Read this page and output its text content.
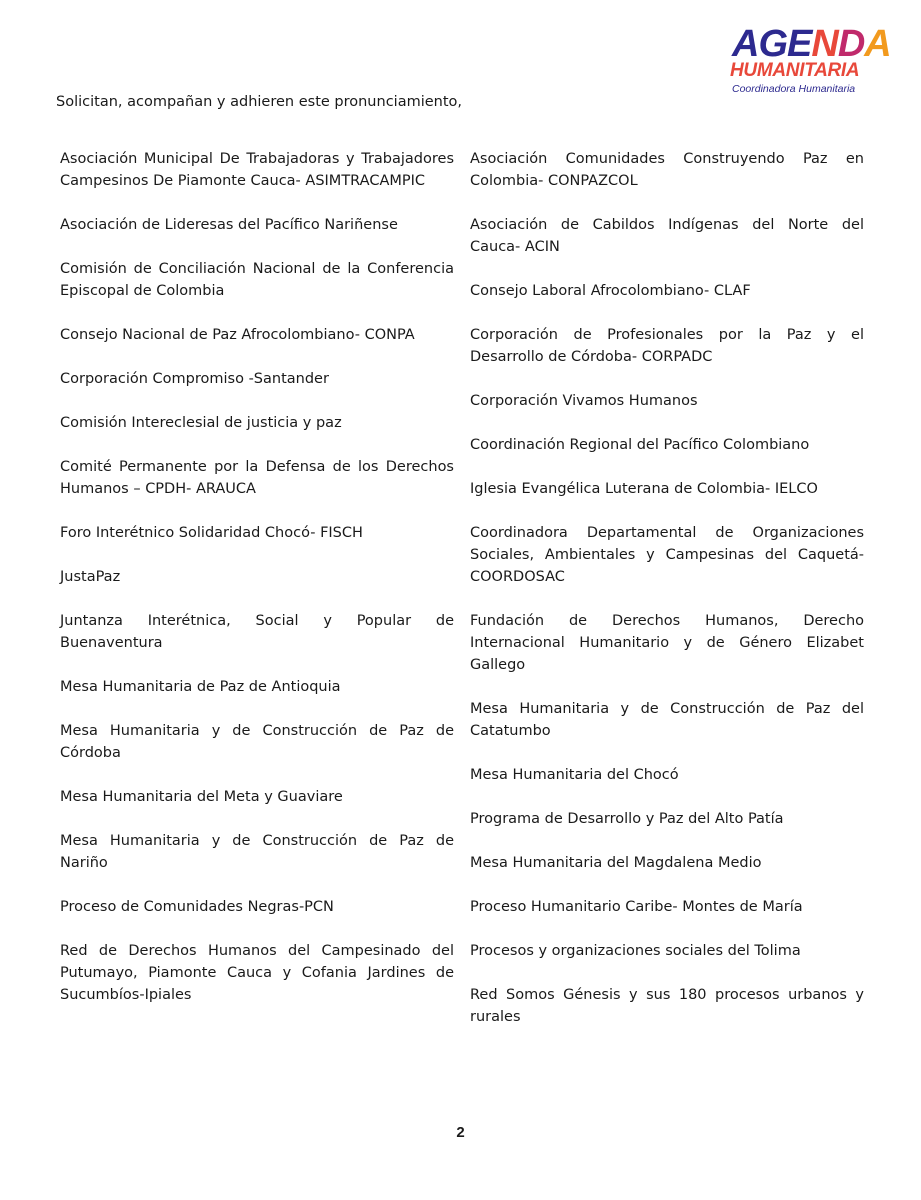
AGENDA
HUMANITARIA
Coordinadora Humanitaria
Solicitan, acompañan y adhieren este pronunciamiento,

Asociación Municipal De Trabajadoras y Trabajadores Campesinos De Piamonte Cauca- ASIMTRACAMPIC

Asociación de Lideresas del Pacífico Nariñense

Comisión de Conciliación Nacional de la Conferencia Episcopal de Colombia

Consejo Nacional de Paz Afrocolombiano- CONPA

Corporación Compromiso -Santander

Comisión Intereclesial de justicia y paz

Comité Permanente por la Defensa de los Derechos Humanos – CPDH- ARAUCA

Foro Interétnico Solidaridad Chocó- FISCH

JustaPaz

Juntanza Interétnica, Social y Popular de Buenaventura

Mesa Humanitaria de Paz de Antioquia

Mesa Humanitaria y de Construcción de Paz de Córdoba

Mesa Humanitaria del Meta y Guaviare

Mesa Humanitaria y de Construcción de Paz de Nariño

Proceso de Comunidades Negras-PCN

Red de Derechos Humanos del Campesinado del Putumayo, Piamonte Cauca y Cofania Jardines de Sucumbíos-Ipiales

Asociación Comunidades Construyendo Paz en Colombia- CONPAZCOL

Asociación de Cabildos Indígenas del Norte del Cauca- ACIN

Consejo Laboral Afrocolombiano- CLAF

Corporación de Profesionales por la Paz y el Desarrollo de Córdoba- CORPADC

Corporación Vivamos Humanos

Coordinación Regional del Pacífico Colombiano

Iglesia Evangélica Luterana de Colombia- IELCO

Coordinadora Departamental de Organizaciones Sociales, Ambientales y Campesinas del Caquetá- COORDOSAC

Fundación de Derechos Humanos, Derecho Internacional Humanitario y de Género Elizabet Gallego

Mesa Humanitaria y de Construcción de Paz del Catatumbo

Mesa Humanitaria del Chocó

Programa de Desarrollo y Paz del Alto Patía

Mesa Humanitaria del Magdalena Medio

Proceso Humanitario Caribe- Montes de María

Procesos y organizaciones sociales del Tolima

Red Somos Génesis y sus 180 procesos urbanos y rurales

2
